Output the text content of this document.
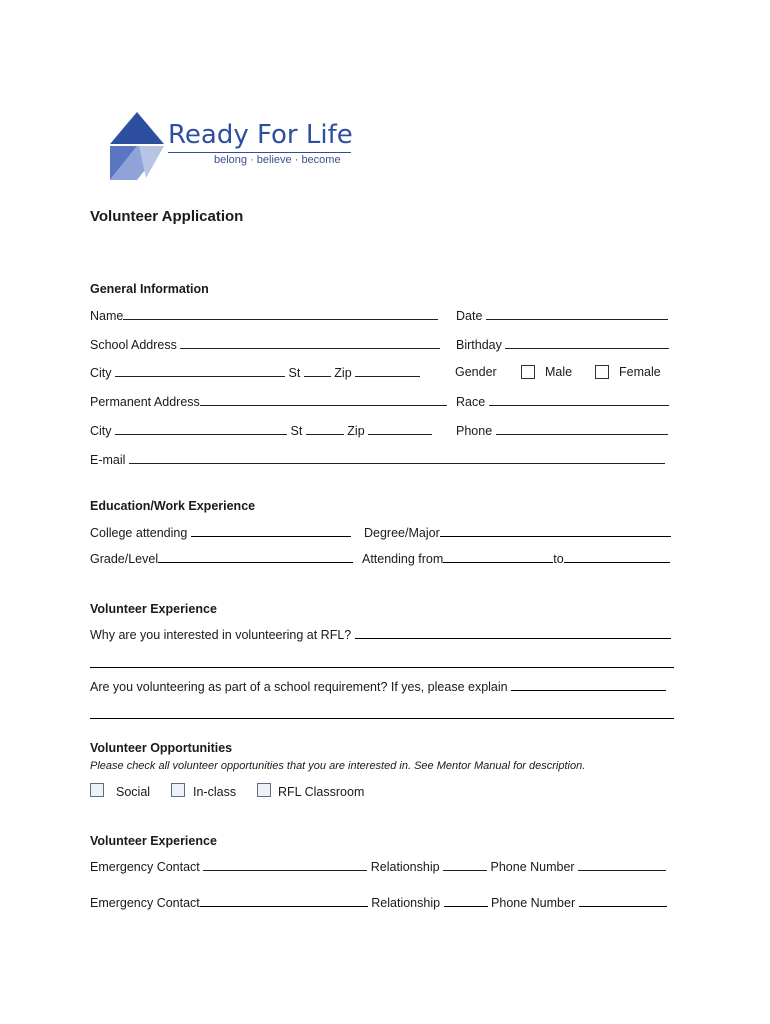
Ready For Life
belong · believe · become
Volunteer Application
General Information
Name	Date
School Address	Birthday
City	St	Zip	Gender	Male	Female
Permanent Address	Race
City	St	Zip	Phone
E-mail
Education/Work Experience
College attending	Degree/Major
Grade/Level	Attending from	to
Volunteer Experience
Why are you interested in volunteering at RFL?
Are you volunteering as part of a school requirement? If yes, please explain
Volunteer Opportunities
Please check all volunteer opportunities that you are interested in. See Mentor Manual for description.
Social	In-class	RFL Classroom
Volunteer Experience
Emergency Contact	Relationship	Phone Number
Emergency Contact	Relationship	Phone Number
